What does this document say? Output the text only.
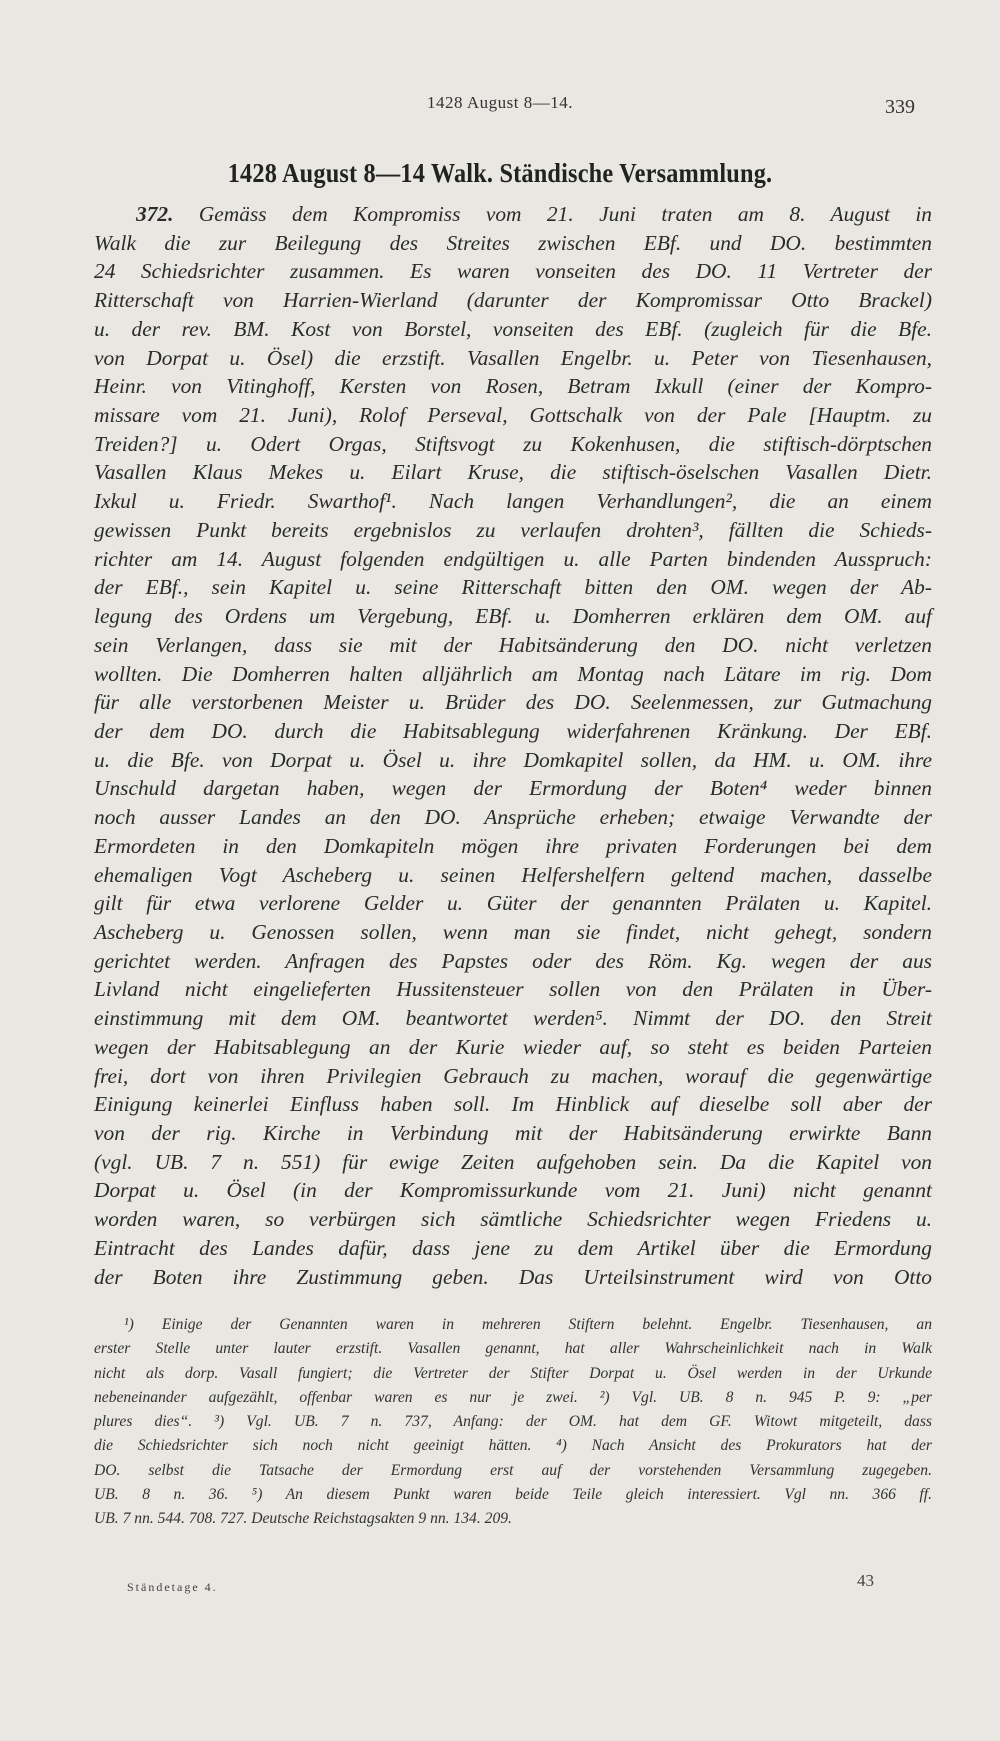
1428 August 8—14.	339
1428 August 8—14 Walk. Ständische Versammlung.
372. Gemäss dem Kompromiss vom 21. Juni traten am 8. August in
Walk die zur Beilegung des Streites zwischen EBf. und DO. bestimmten
24 Schiedsrichter zusammen. Es waren vonseiten des DO. 11 Vertreter der
Ritterschaft von Harrien-Wierland (darunter der Kompromissar Otto Brackel)
u. der rev. BM. Kost von Borstel, vonseiten des EBf. (zugleich für die Bfe.
von Dorpat u. Ösel) die erzstift. Vasallen Engelbr. u. Peter von Tiesenhausen,
Heinr. von Vitinghoff, Kersten von Rosen, Betram Ixkull (einer der Kompro-
missare vom 21. Juni), Rolof Perseval, Gottschalk von der Pale [Hauptm. zu
Treiden?] u. Odert Orgas, Stiftsvogt zu Kokenhusen, die stiftisch-dörptschen
Vasallen Klaus Mekes u. Eilart Kruse, die stiftisch-öselschen Vasallen Dietr.
Ixkul u. Friedr. Swarthof¹. Nach langen Verhandlungen², die an einem
gewissen Punkt bereits ergebnislos zu verlaufen drohten³, fällten die Schieds-
richter am 14. August folgenden endgültigen u. alle Parten bindenden Ausspruch:
der EBf., sein Kapitel u. seine Ritterschaft bitten den OM. wegen der Ab-
legung des Ordens um Vergebung, EBf. u. Domherren erklären dem OM. auf
sein Verlangen, dass sie mit der Habitsänderung den DO. nicht verletzen
wollten. Die Domherren halten alljährlich am Montag nach Lätare im rig. Dom
für alle verstorbenen Meister u. Brüder des DO. Seelenmessen, zur Gutmachung
der dem DO. durch die Habitsablegung widerfahrenen Kränkung. Der EBf.
u. die Bfe. von Dorpat u. Ösel u. ihre Domkapitel sollen, da HM. u. OM. ihre
Unschuld dargetan haben, wegen der Ermordung der Boten⁴ weder binnen
noch ausser Landes an den DO. Ansprüche erheben; etwaige Verwandte der
Ermordeten in den Domkapiteln mögen ihre privaten Forderungen bei dem
ehemaligen Vogt Ascheberg u. seinen Helfershelfern geltend machen, dasselbe
gilt für etwa verlorene Gelder u. Güter der genannten Prälaten u. Kapitel.
Ascheberg u. Genossen sollen, wenn man sie findet, nicht gehegt, sondern
gerichtet werden. Anfragen des Papstes oder des Röm. Kg. wegen der aus
Livland nicht eingelieferten Hussitensteuer sollen von den Prälaten in Über-
einstimmung mit dem OM. beantwortet werden⁵. Nimmt der DO. den Streit
wegen der Habitsablegung an der Kurie wieder auf, so steht es beiden Parteien
frei, dort von ihren Privilegien Gebrauch zu machen, worauf die gegenwärtige
Einigung keinerlei Einfluss haben soll. Im Hinblick auf dieselbe soll aber der
von der rig. Kirche in Verbindung mit der Habitsänderung erwirkte Bann
(vgl. UB. 7 n. 551) für ewige Zeiten aufgehoben sein. Da die Kapitel von
Dorpat u. Ösel (in der Kompromissurkunde vom 21. Juni) nicht genannt
worden waren, so verbürgen sich sämtliche Schiedsrichter wegen Friedens u.
Eintracht des Landes dafür, dass jene zu dem Artikel über die Ermordung
der Boten ihre Zustimmung geben. Das Urteilsinstrument wird von Otto
¹) Einige der Genannten waren in mehreren Stiftern belehnt. Engelbr. Tiesenhausen, an
erster Stelle unter lauter erzstift. Vasallen genannt, hat aller Wahrscheinlichkeit nach in Walk
nicht als dorp. Vasall fungiert; die Vertreter der Stifter Dorpat u. Ösel werden in der Urkunde
nebeneinander aufgezählt, offenbar waren es nur je zwei. ²) Vgl. UB. 8 n. 945 P. 9: „per
plures dies“. ³) Vgl. UB. 7 n. 737, Anfang: der OM. hat dem GF. Witowt mitgeteilt, dass
die Schiedsrichter sich noch nicht geeinigt hätten. ⁴) Nach Ansicht des Prokurators hat der
DO. selbst die Tatsache der Ermordung erst auf der vorstehenden Versammlung zugegeben.
UB. 8 n. 36. ⁵) An diesem Punkt waren beide Teile gleich interessiert. Vgl nn. 366 ff.
UB. 7 nn. 544. 708. 727. Deutsche Reichstagsakten 9 nn. 134. 209.
Ständetage 4.	43
